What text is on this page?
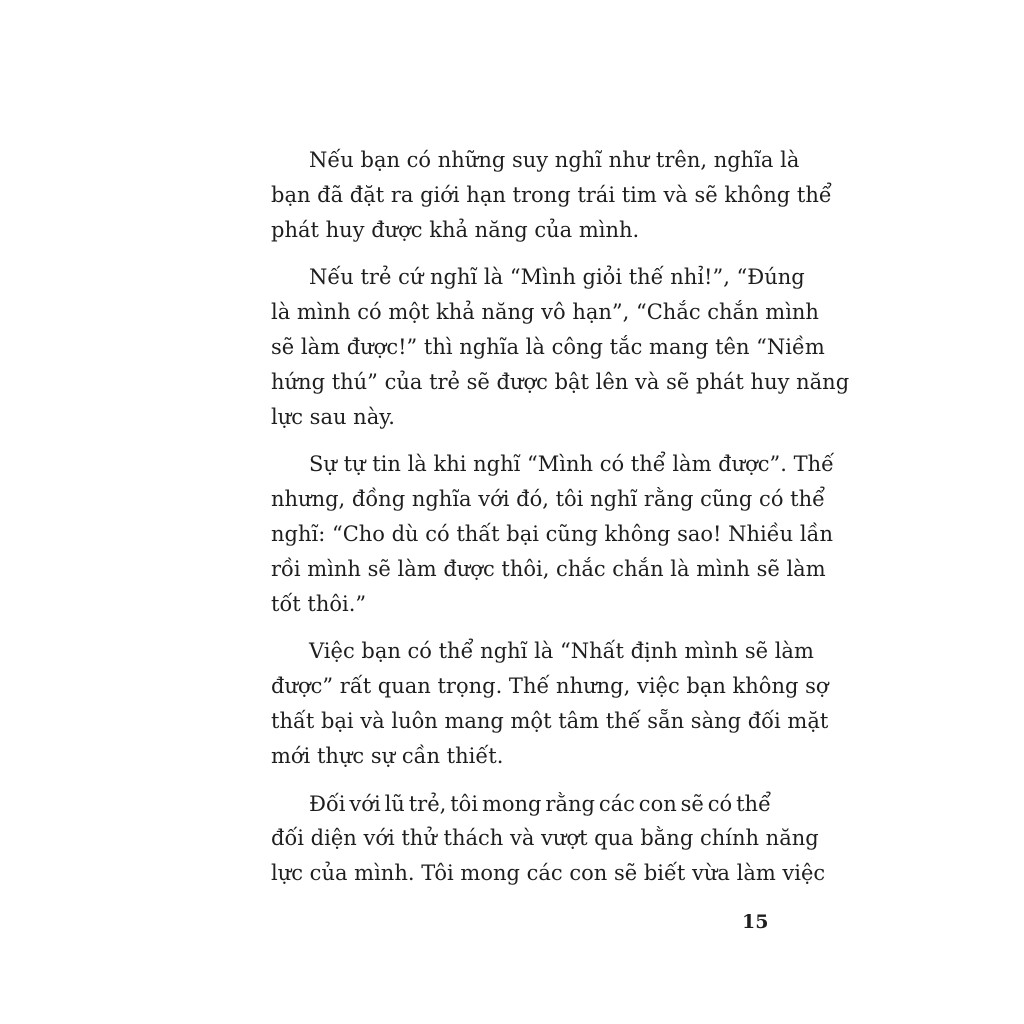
Nếu bạn có những suy nghĩ như trên, nghĩa là
bạn đã đặt ra giới hạn trong trái tim và sẽ không thể
phát huy được khả năng của mình.

Nếu trẻ cứ nghĩ là “Mình giỏi thế nhỉ!”, “Đúng
là mình có một khả năng vô hạn”, “Chắc chắn mình
sẽ làm được!” thì nghĩa là công tắc mang tên “Niềm
hứng thú” của trẻ sẽ được bật lên và sẽ phát huy năng
lực sau này.

Sự tự tin là khi nghĩ “Mình có thể làm được”. Thế
nhưng, đồng nghĩa với đó, tôi nghĩ rằng cũng có thể
nghĩ: “Cho dù có thất bại cũng không sao! Nhiều lần
rồi mình sẽ làm được thôi, chắc chắn là mình sẽ làm
tốt thôi.”

Việc bạn có thể nghĩ là “Nhất định mình sẽ làm
được” rất quan trọng. Thế nhưng, việc bạn không sợ
thất bại và luôn mang một tâm thế sẵn sàng đối mặt
mới thực sự cần thiết.

Đối với lũ trẻ, tôi mong rằng các con sẽ có thể
đối diện với thử thách và vượt qua bằng chính năng
lực của mình. Tôi mong các con sẽ biết vừa làm việc

15
